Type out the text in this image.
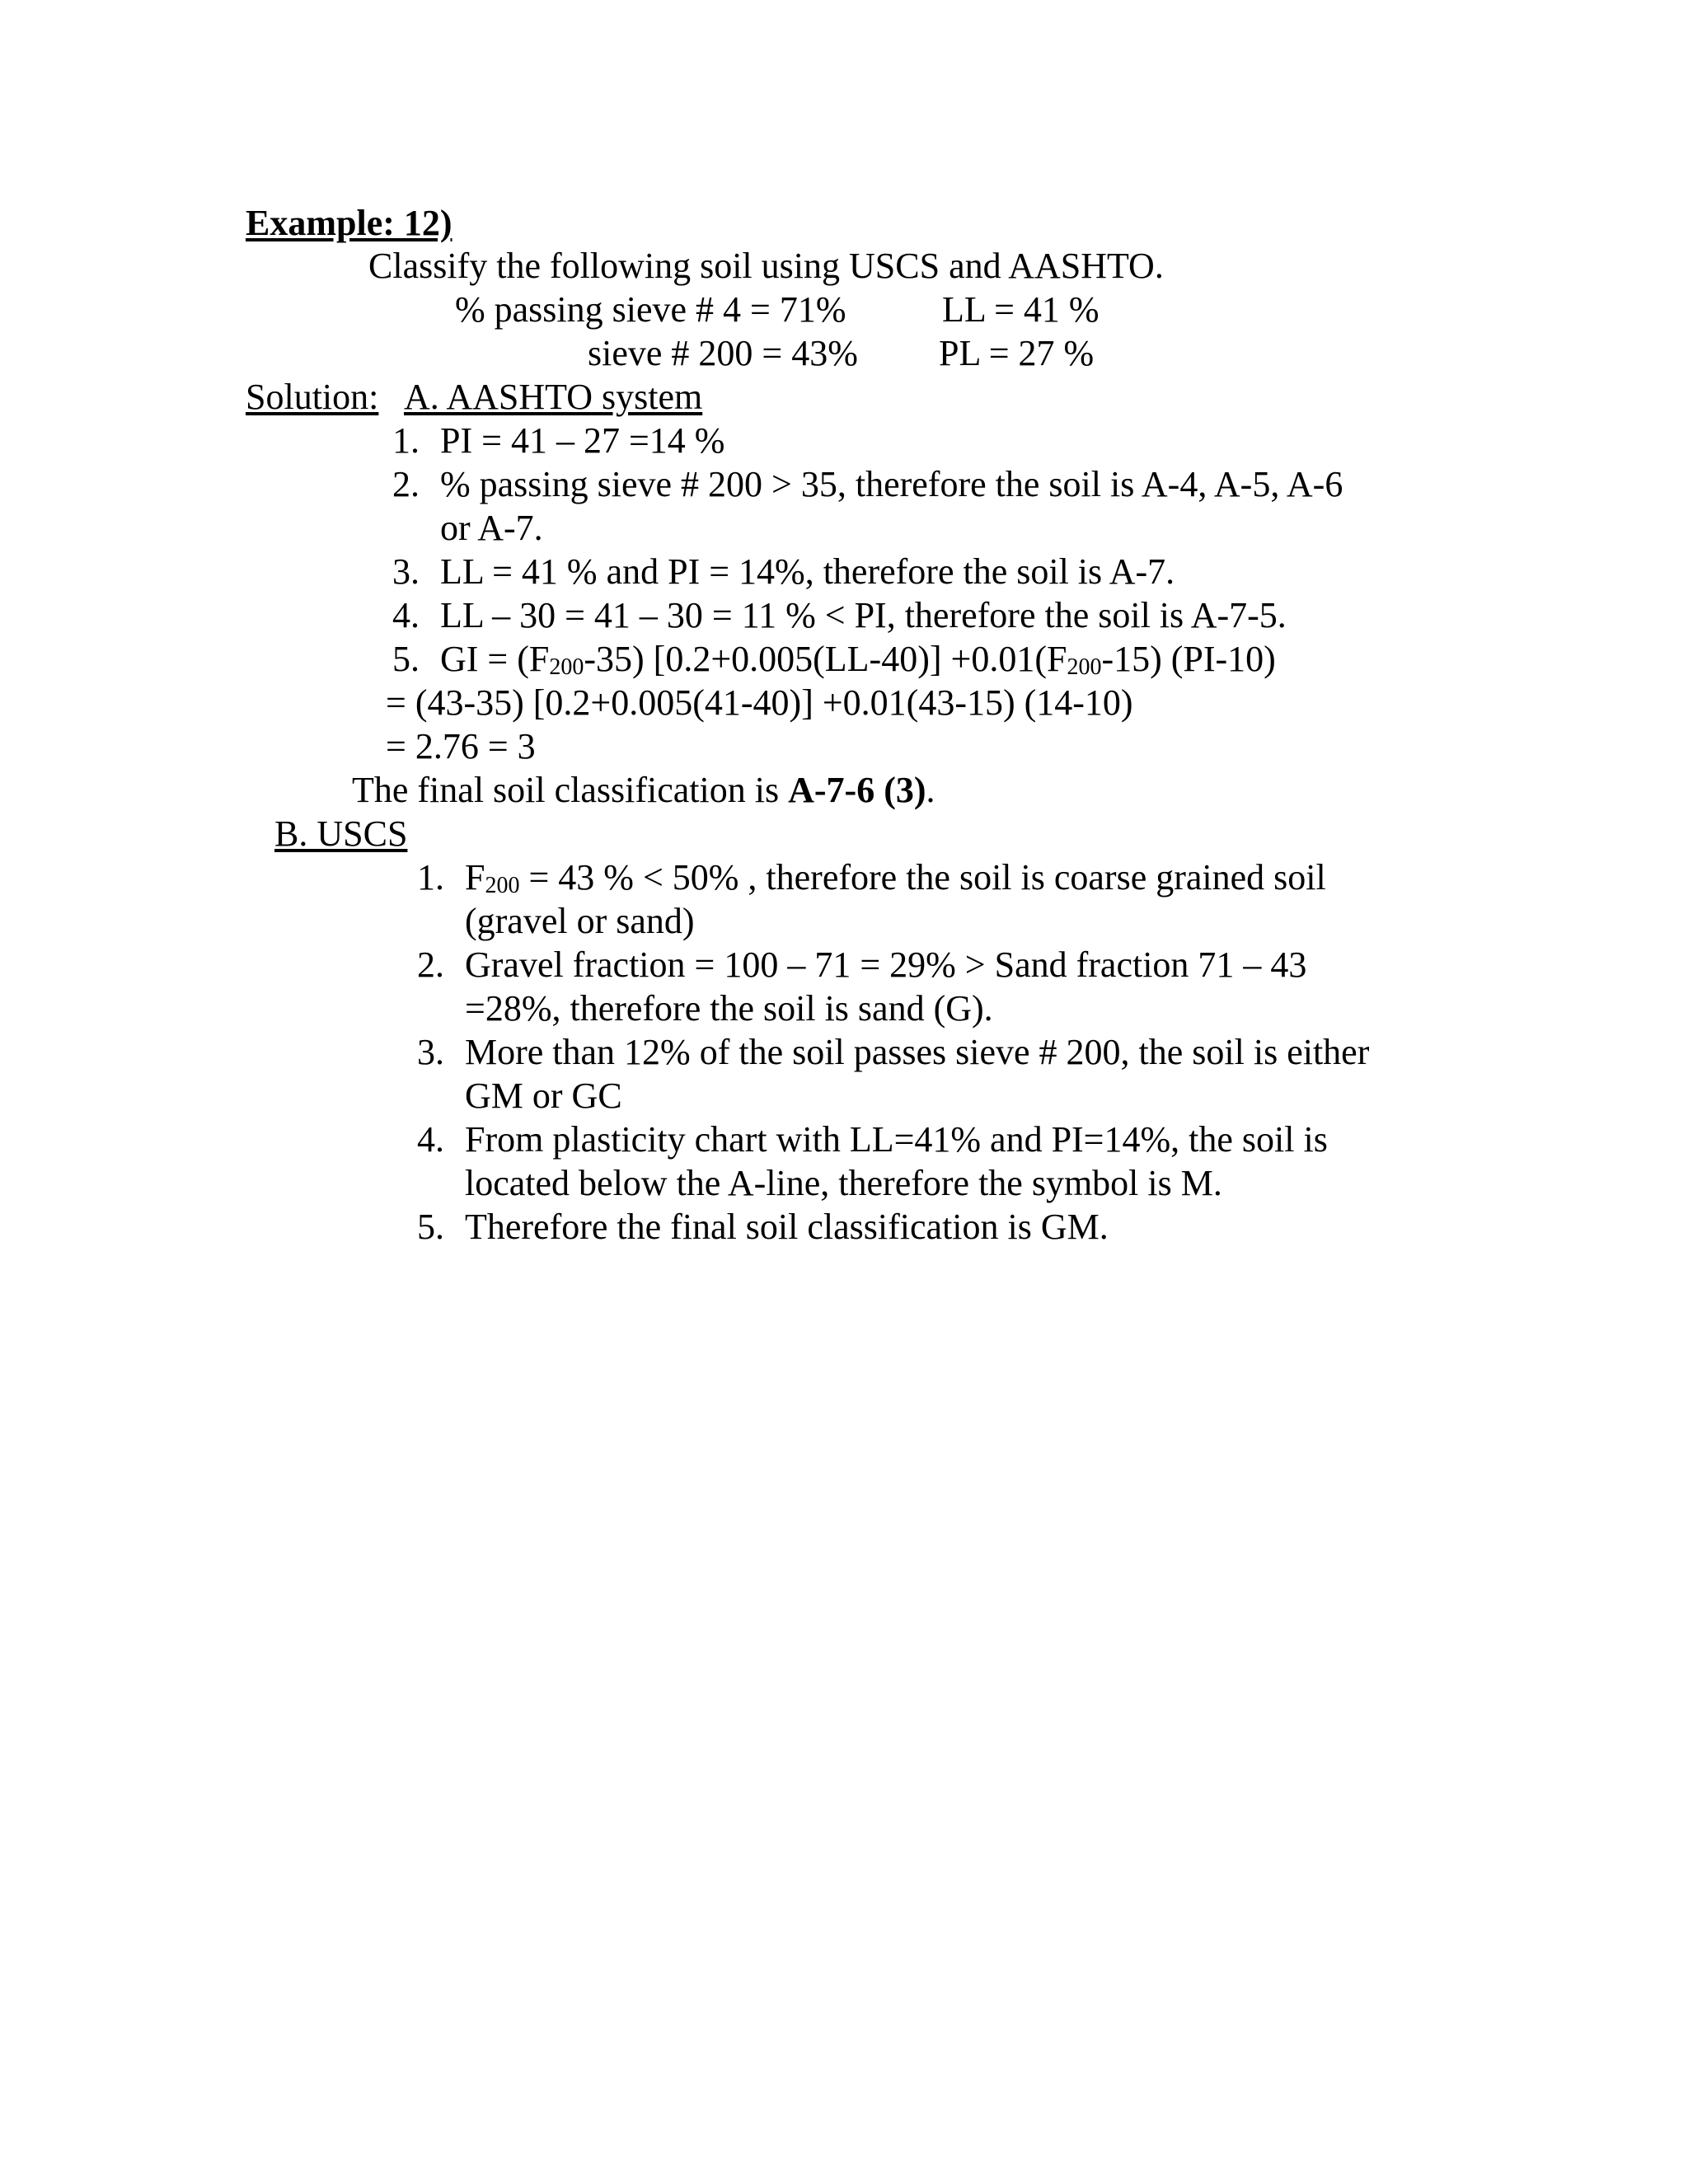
Example: 12)
Classify the following soil using USCS and AASHTO.
% passing sieve # 4 = 71%	LL = 41 %
sieve # 200 = 43% PL = 27 %
Solution: A. AASHTO system
1. PI = 41 – 27 =14 %
2. % passing sieve # 200 > 35, therefore the soil is A-4, A-5, A-6
or A-7.
3. LL = 41 % and PI = 14%, therefore the soil is A-7.
4. LL – 30 = 41 – 30 = 11 % < PI, therefore the soil is A-7-5.
5. GI = $(F_{200}-35)$ $[0.2+0.005(LL-40)] +0.01(F_{200}-15)$ (PI-10)
= (43-35) [0.2+0.005(41-40)] +0.01(43-15) (14-10)
= 2.76 = 3
The final soil classification is A-7-6 (3).
B. USCS
1. $F_{200} = 43$ % < 50% , therefore the soil is coarse grained soil
(gravel or sand)
2. Gravel fraction = 100 – 71 = 29% > Sand fraction 71 – 43
=28%, therefore the soil is sand (G).
3. More than 12% of the soil passes sieve # 200, the soil is either
GM or GC
4. From plasticity chart with LL=41% and PI=14%, the soil is
located below the A-line, therefore the symbol is M.
5. Therefore the final soil classification is GM.
